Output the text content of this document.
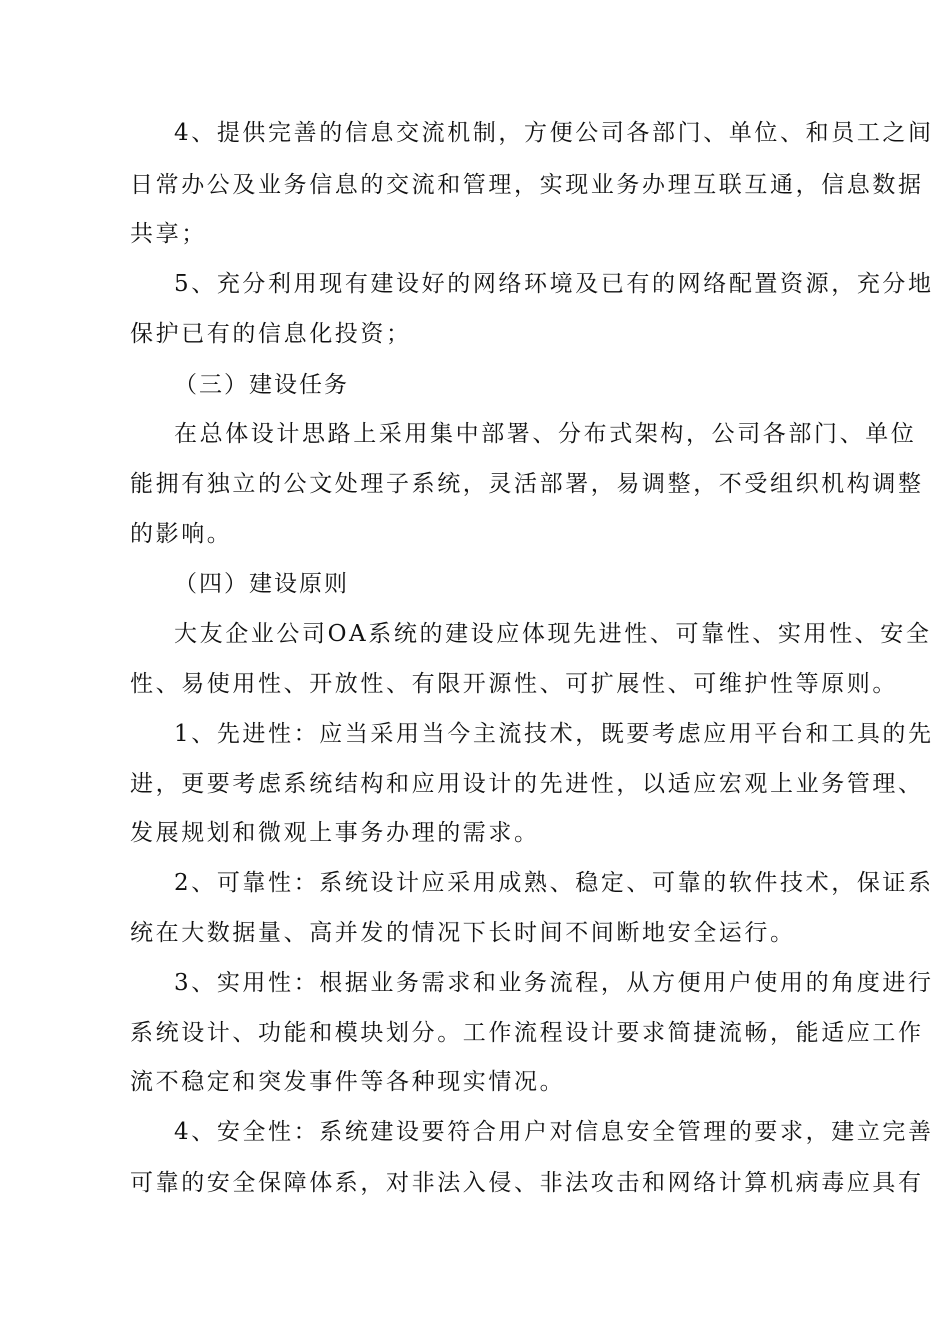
4、提供完善的信息交流机制，方便公司各部门、单位、和员工之间
日常办公及业务信息的交流和管理，实现业务办理互联互通，信息数据
共享；
5、充分利用现有建设好的网络环境及已有的网络配置资源，充分地
保护已有的信息化投资；
（三）建设任务
在总体设计思路上采用集中部署、分布式架构，公司各部门、单位
能拥有独立的公文处理子系统，灵活部署，易调整，不受组织机构调整
的影响。
（四）建设原则
大友企业公司OA系统的建设应体现先进性、可靠性、实用性、安全
性、易使用性、开放性、有限开源性、可扩展性、可维护性等原则。
1、先进性：应当采用当今主流技术，既要考虑应用平台和工具的先
进，更要考虑系统结构和应用设计的先进性，以适应宏观上业务管理、
发展规划和微观上事务办理的需求。
2、可靠性：系统设计应采用成熟、稳定、可靠的软件技术，保证系
统在大数据量、高并发的情况下长时间不间断地安全运行。
3、实用性：根据业务需求和业务流程，从方便用户使用的角度进行
系统设计、功能和模块划分。工作流程设计要求简捷流畅，能适应工作
流不稳定和突发事件等各种现实情况。
4、安全性：系统建设要符合用户对信息安全管理的要求，建立完善
可靠的安全保障体系，对非法入侵、非法攻击和网络计算机病毒应具有
